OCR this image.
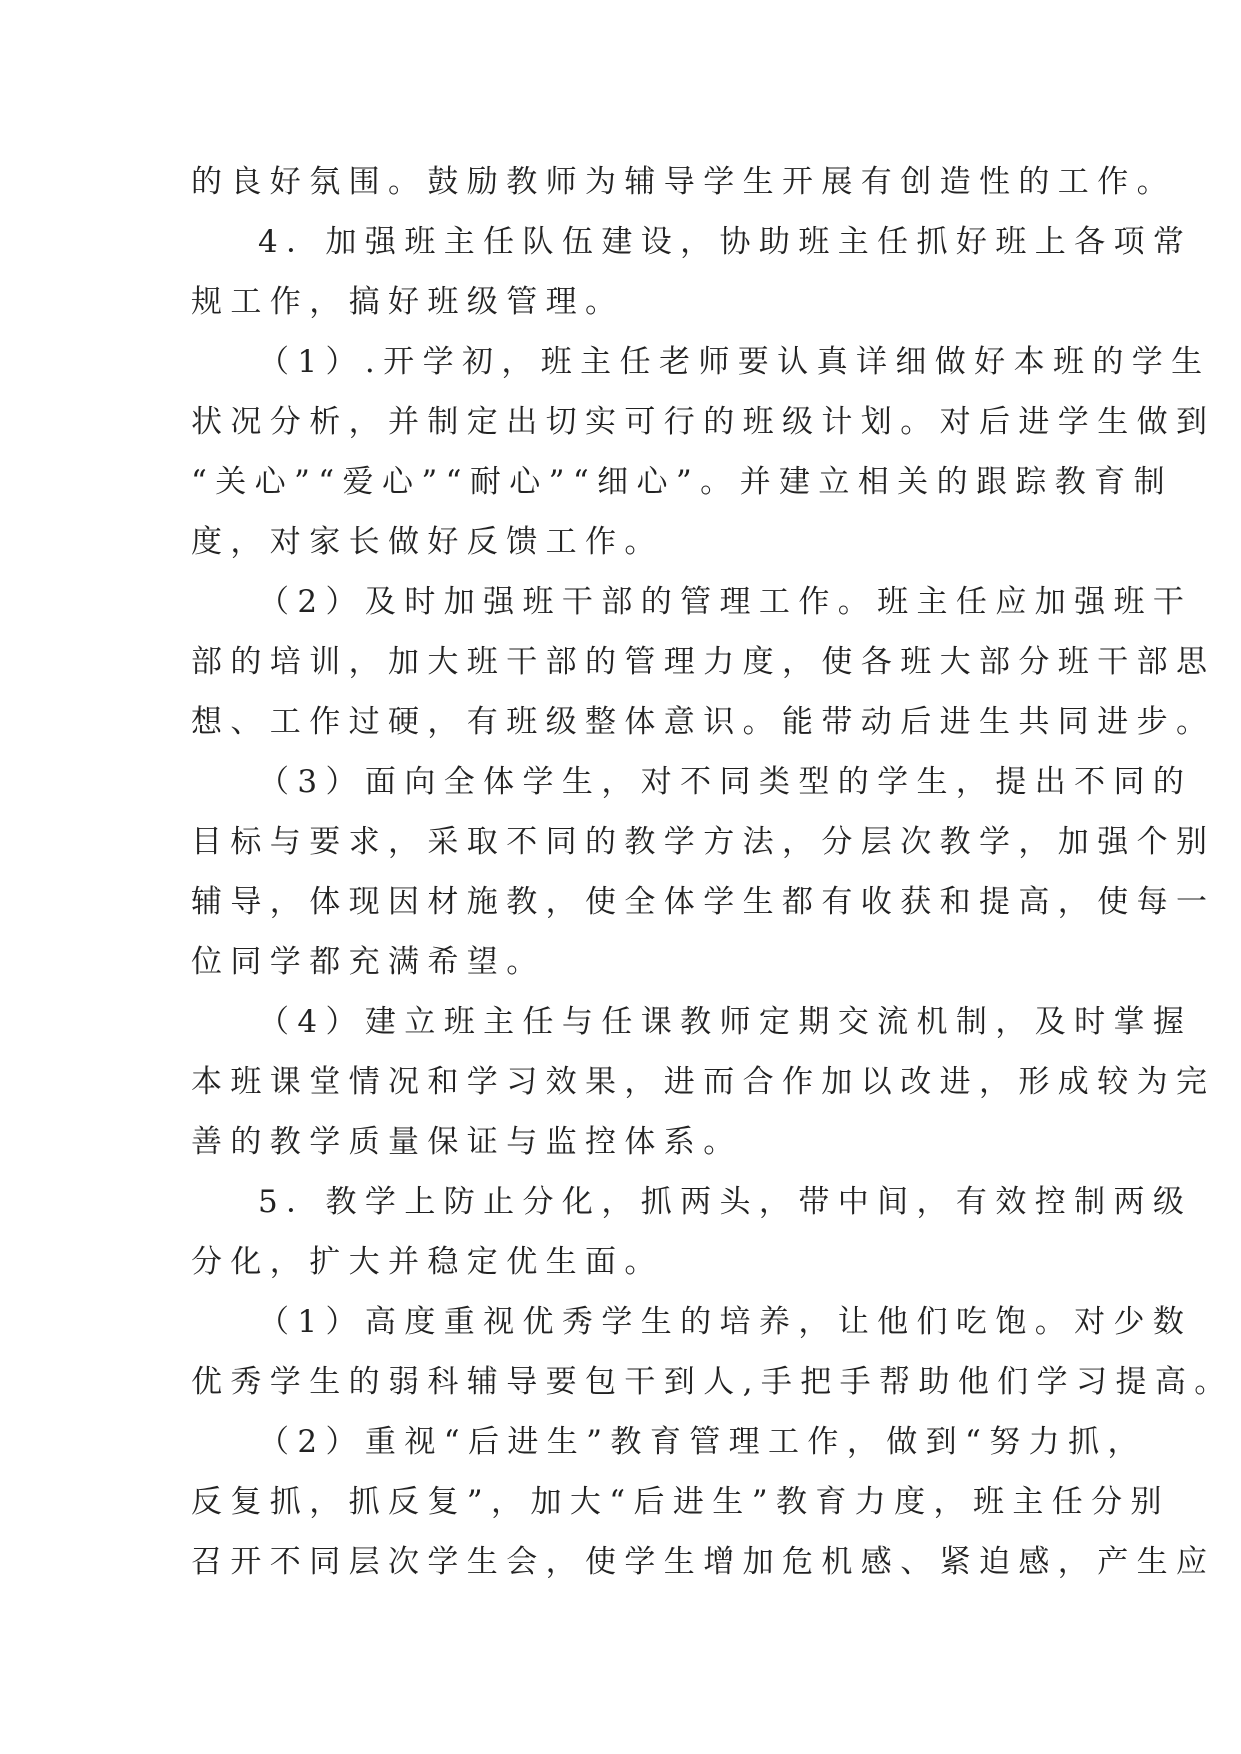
的良好氛围。鼓励教师为辅导学生开展有创造性的工作。
4．加强班主任队伍建设，协助班主任抓好班上各项常
规工作，搞好班级管理。
（1）.开学初，班主任老师要认真详细做好本班的学生
状况分析，并制定出切实可行的班级计划。对后进学生做到
“关心”“爱心”“耐心”“细心”。并建立相关的跟踪教育制
度，对家长做好反馈工作。
（2）及时加强班干部的管理工作。班主任应加强班干
部的培训，加大班干部的管理力度，使各班大部分班干部思
想、工作过硬，有班级整体意识。能带动后进生共同进步。
（3）面向全体学生，对不同类型的学生，提出不同的
目标与要求，采取不同的教学方法，分层次教学，加强个别
辅导，体现因材施教，使全体学生都有收获和提高，使每一
位同学都充满希望。
（4）建立班主任与任课教师定期交流机制，及时掌握
本班课堂情况和学习效果，进而合作加以改进，形成较为完
善的教学质量保证与监控体系。
5．教学上防止分化，抓两头，带中间，有效控制两级
分化，扩大并稳定优生面。
（1）高度重视优秀学生的培养，让他们吃饱。对少数
优秀学生的弱科辅导要包干到人,手把手帮助他们学习提高。
（2）重视“后进生”教育管理工作，做到“努力抓，
反复抓，抓反复”，加大“后进生”教育力度，班主任分别
召开不同层次学生会，使学生增加危机感、紧迫感，产生应
